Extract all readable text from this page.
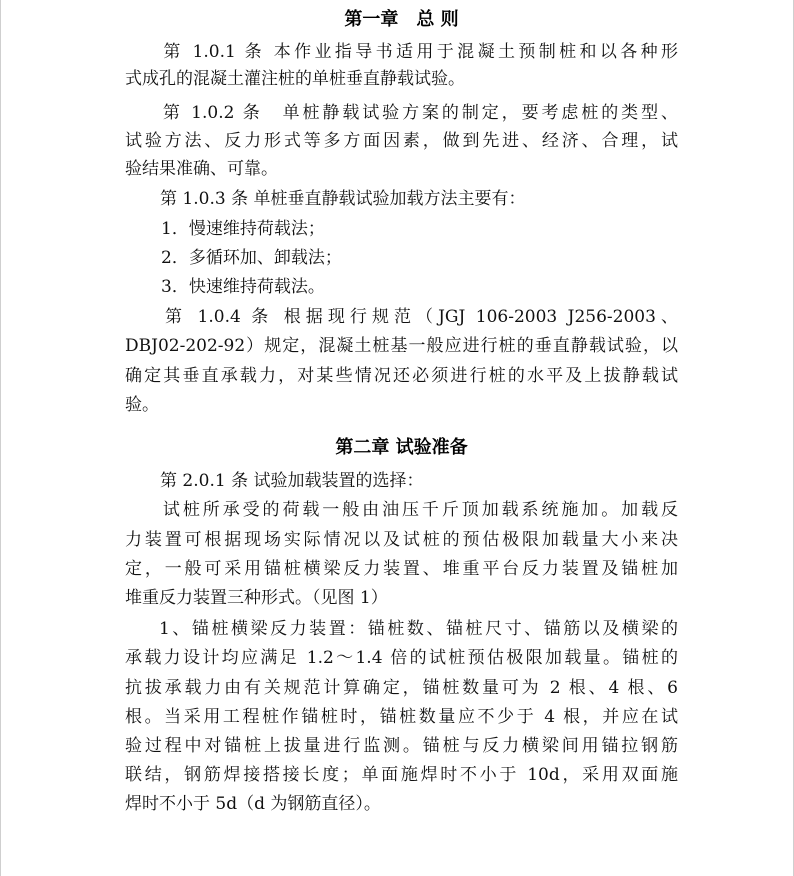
第一章　总 则
　第 1.0.1 条 本作业指导书适用于混凝土预制桩和以各种形
式成孔的混凝土灌注桩的单桩垂直静载试验。
　第 1.0.2 条　单桩静载试验方案的制定，要考虑桩的类型、
试验方法、反力形式等多方面因素，做到先进、经济、合理，试
验结果准确、可靠。
　第 1.0.3 条 单桩垂直静载试验加载方法主要有：
1．慢速维持荷载法；
2．多循环加、卸载法；
3．快速维持荷载法。
　第 1.0.4 条 根据现行规范（JGJ 106-2003 J256-2003、
DBJ02-202-92）规定，混凝土桩基一般应进行桩的垂直静载试验，以
确定其垂直承载力，对某些情况还必须进行桩的水平及上拔静载试
验。
第二章 试验准备
　第 2.0.1 条 试验加载装置的选择：
　试桩所承受的荷载一般由油压千斤顶加载系统施加。加载反
力装置可根据现场实际情况以及试桩的预估极限加载量大小来决
定，一般可采用锚桩横梁反力装置、堆重平台反力装置及锚桩加
堆重反力装置三种形式。（见图 1）
1、锚桩横梁反力装置：锚桩数、锚桩尺寸、锚筋以及横梁的
承载力设计均应满足 1.2～1.4 倍的试桩预估极限加载量。锚桩的
抗拔承载力由有关规范计算确定，锚桩数量可为 2 根、4 根、6
根。当采用工程桩作锚桩时，锚桩数量应不少于 4 根，并应在试
验过程中对锚桩上拔量进行监测。锚桩与反力横梁间用锚拉钢筋
联结，钢筋焊接搭接长度；单面施焊时不小于 10d，采用双面施
焊时不小于 5d（d 为钢筋直径）。
